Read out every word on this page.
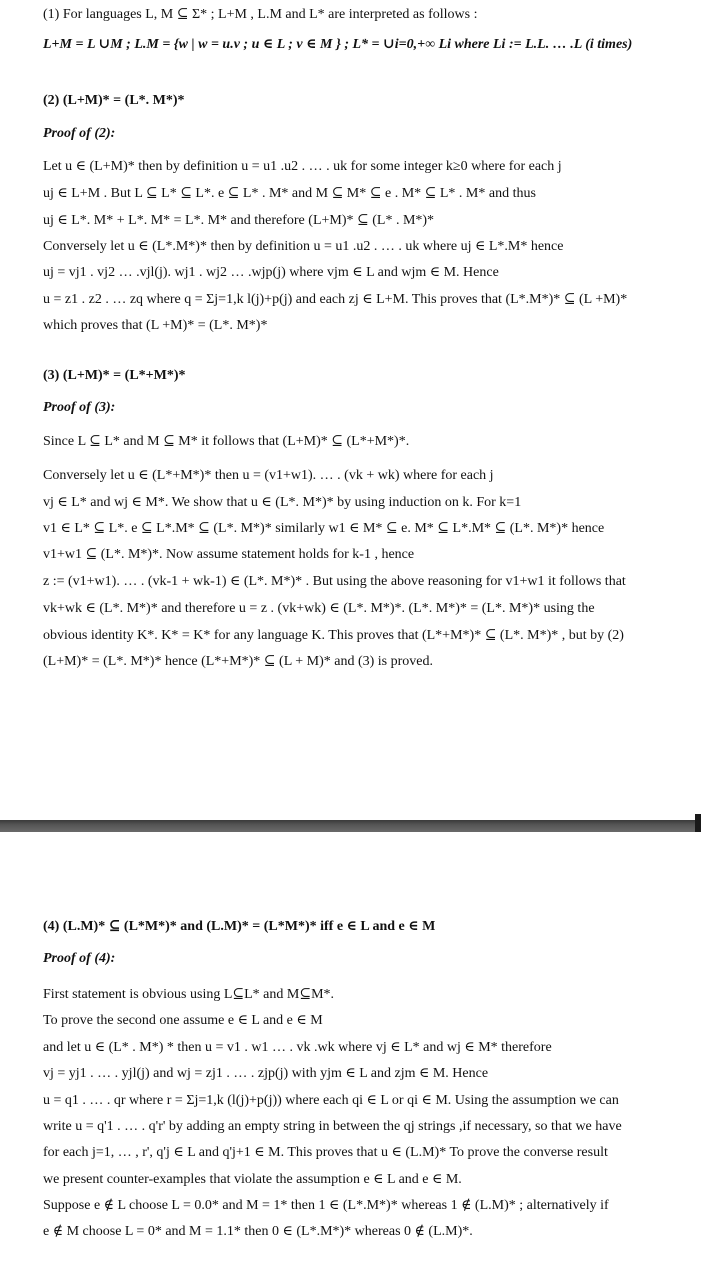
(1) For languages L, M ⊆ Σ* ; L+M , L.M and L* are interpreted as follows :
L+M = L ∪M ; L.M = {w | w = u.v ; u ∈ L ; v ∈ M } ; L* = ∪i=0,+∞ Li where Li := L.L. … .L (i times)
(2) (L+M)* = (L*. M*)*
Proof of (2):
Let u ∈ (L+M)* then by definition u = u1 .u2 . … . uk for some integer k≥0 where for each j
uj ∈ L+M . But L ⊆ L* ⊆ L*. e ⊆ L* . M* and M ⊆ M* ⊆ e . M* ⊆ L* . M* and thus
uj ∈ L*. M* + L*. M* = L*. M* and therefore (L+M)* ⊆ (L* . M*)*
Conversely let u ∈ (L*.M*)* then by definition u = u1 .u2 . … . uk where uj ∈ L*.M* hence
uj = vj1 . vj2 … .vjl(j). wj1 . wj2 … .wjp(j) where vjm ∈ L and wjm ∈ M. Hence
u = z1 . z2 . … zq where q = Σj=1,k l(j)+p(j) and each zj ∈ L+M. This proves that (L*.M*)* ⊆ (L +M)*
which proves that (L +M)* = (L*. M*)*
(3) (L+M)* = (L*+M*)*
Proof of (3):
Since L ⊆ L* and M ⊆ M* it follows that (L+M)* ⊆ (L*+M*)*.
Conversely let u ∈ (L*+M*)* then u = (v1+w1). … . (vk + wk) where for each j
vj ∈ L* and wj ∈ M*. We show that u ∈ (L*. M*)* by using induction on k. For k=1
v1 ∈ L* ⊆ L*. e ⊆ L*.M* ⊆ (L*. M*)* similarly w1 ∈ M* ⊆ e. M* ⊆ L*.M* ⊆ (L*. M*)* hence
v1+w1 ⊆ (L*. M*)*. Now assume statement holds for k-1 , hence
z := (v1+w1). … . (vk-1 + wk-1) ∈ (L*. M*)* . But using the above reasoning for v1+w1 it follows that
vk+wk ∈ (L*. M*)* and therefore u = z . (vk+wk) ∈ (L*. M*)*. (L*. M*)* = (L*. M*)* using the
obvious identity K*. K* = K* for any language K. This proves that (L*+M*)* ⊆ (L*. M*)* , but by (2)
(L+M)* = (L*. M*)* hence (L*+M*)* ⊆ (L + M)* and (3) is proved.
(4) (L.M)* ⊆ (L*M*)* and (L.M)* = (L*M*)* iff e ∈ L and e ∈ M
Proof of (4):
First statement is obvious using L⊆L* and M⊆M*.
To prove the second one assume e ∈ L and e ∈ M
and let u ∈ (L* . M*) * then u = v1 . w1 … . vk .wk where vj ∈ L* and wj ∈ M* therefore
vj = yj1 . … . yjl(j) and wj = zj1 . … . zjp(j) with yjm ∈ L and zjm ∈ M. Hence
u = q1 . … . qr where r = Σj=1,k (l(j)+p(j)) where each qi ∈ L or qi ∈ M. Using the assumption we can
write u = q'1 . … . q'r' by adding an empty string in between the qj strings ,if necessary, so that we have
for each j=1, … , r', q'j ∈ L and q'j+1 ∈ M. This proves that u ∈ (L.M)* To prove the converse result
we present counter-examples that violate the assumption e ∈ L and e ∈ M.
Suppose e ∉ L choose L = 0.0* and M = 1* then 1 ∈ (L*.M*)* whereas 1 ∉ (L.M)* ; alternatively if
e ∉ M choose L = 0* and M = 1.1* then 0 ∈ (L*.M*)* whereas 0 ∉ (L.M)*.
